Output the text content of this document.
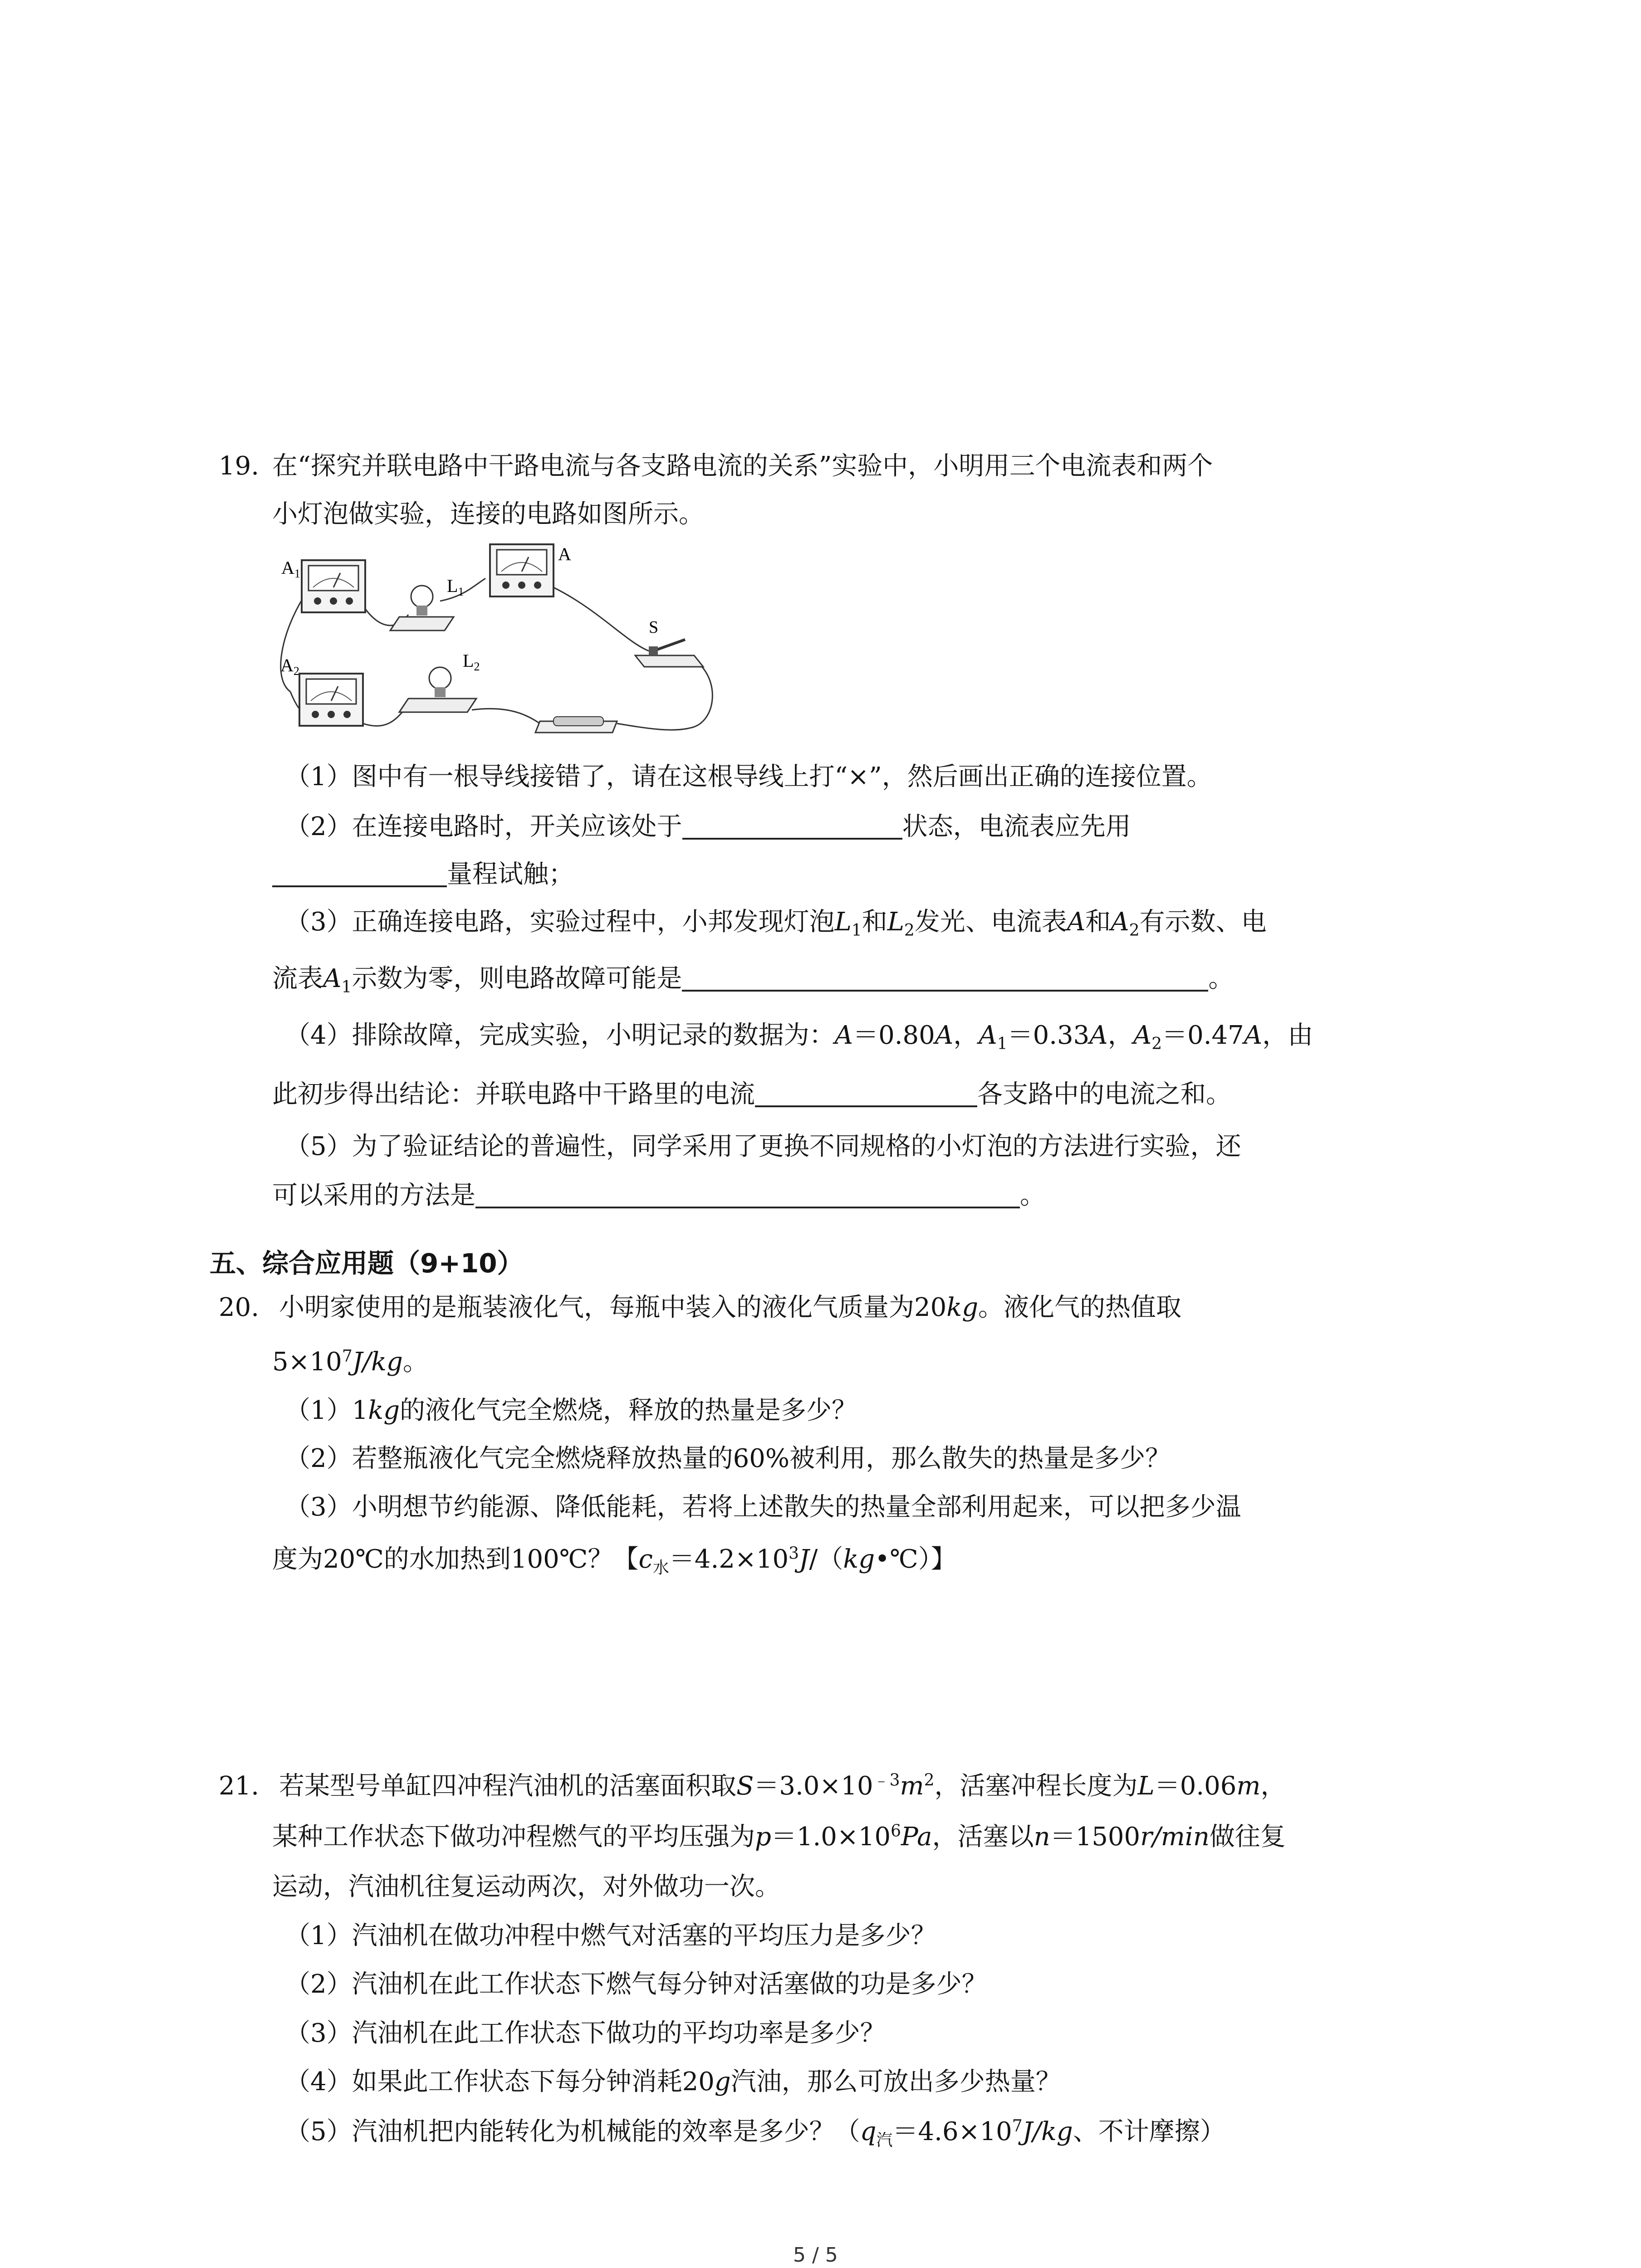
19. 在“探究并联电路中干路电流与各支路电流的关系”实验中，小明用三个电流表和两个
小灯泡做实验，连接的电路如图所示。
$A_1$
$L_1$
A
S
$A_2$
$L_2$
（1）图中有一根导线接错了，请在这根导线上打“×”，然后画出正确的连接位置。
（2）在连接电路时，开关应该处于	状态，电流表应先用
量程试触；
（3）正确连接电路，实验过程中，小邦发现灯泡$L_1$和$L_2$发光、电流表A和$A_2$有示数、电
流表$A_1$示数为零，则电路故障可能是	。
（4）排除故障，完成实验，小明记录的数据为：A＝0.80A，$A_1=0.33A$，$A_2=0.47A$，由
此初步得出结论：并联电路中干路里的电流	各支路中的电流之和。
（5）为了验证结论的普遍性，同学采用了更换不同规格的小灯泡的方法进行实验，还
可以采用的方法是	。
五、综合应用题（9+10）
20. 小明家使用的是瓶装液化气，每瓶中装入的液化气质量为20kg。液化气的热值取
$5\times 10^7J/kg$。
（1）1kg的液化气完全燃烧，释放的热量是多少？
（2）若整瓶液化气完全燃烧释放热量的60%被利用，那么散失的热量是多少？
（3）小明想节约能源、降低能耗，若将上述散失的热量全部利用起来，可以把多少温
度为20℃的水加热到100℃？【$c_水=4.2\times 10^3J/(kg•℃)$】
21. 若某型号单缸四冲程汽油机的活塞面积取$S=3.0\times 10^{﹣3}m^2$，活塞冲程长度为L＝0.06m，
某种工作状态下做功冲程燃气的平均压强为$p=1.0\times 10^6Pa$，活塞以n＝1500r/min做往复
运动，汽油机往复运动两次，对外做功一次。
（1）汽油机在做功冲程中燃气对活塞的平均压力是多少？
（2）汽油机在此工作状态下燃气每分钟对活塞做的功是多少？
（3）汽油机在此工作状态下做功的平均功率是多少？
（4）如果此工作状态下每分钟消耗20g汽油，那么可放出多少热量？
（5）汽油机把内能转化为机械能的效率是多少？（$q_汽=4.6\times 10^7J/kg$、不计摩擦）
5 / 5
